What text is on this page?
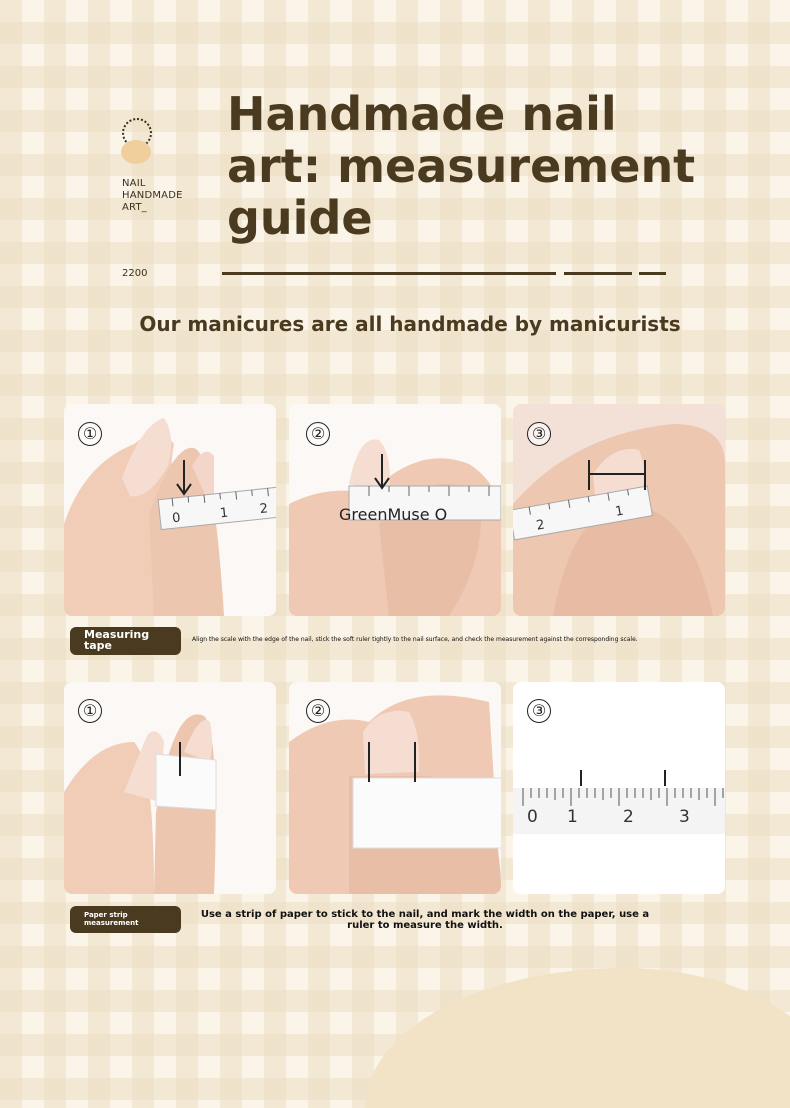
NAIL
HANDMADE
ART_
2200
Handmade nail art: measurement guide
Our manicures are all handmade by manicurists
0	1 2
2
1
①	②	③
GreenMuse O
Measuring tape	Align the scale with the edge of the nail, stick the soft ruler tightly to the nail surface, and check the measurement against the corresponding scale.
0 1	2	3
①	②	③
Paper strip measurement
Use a strip of paper to stick to the nail, and mark the width on the paper, use a ruler to measure the width.
